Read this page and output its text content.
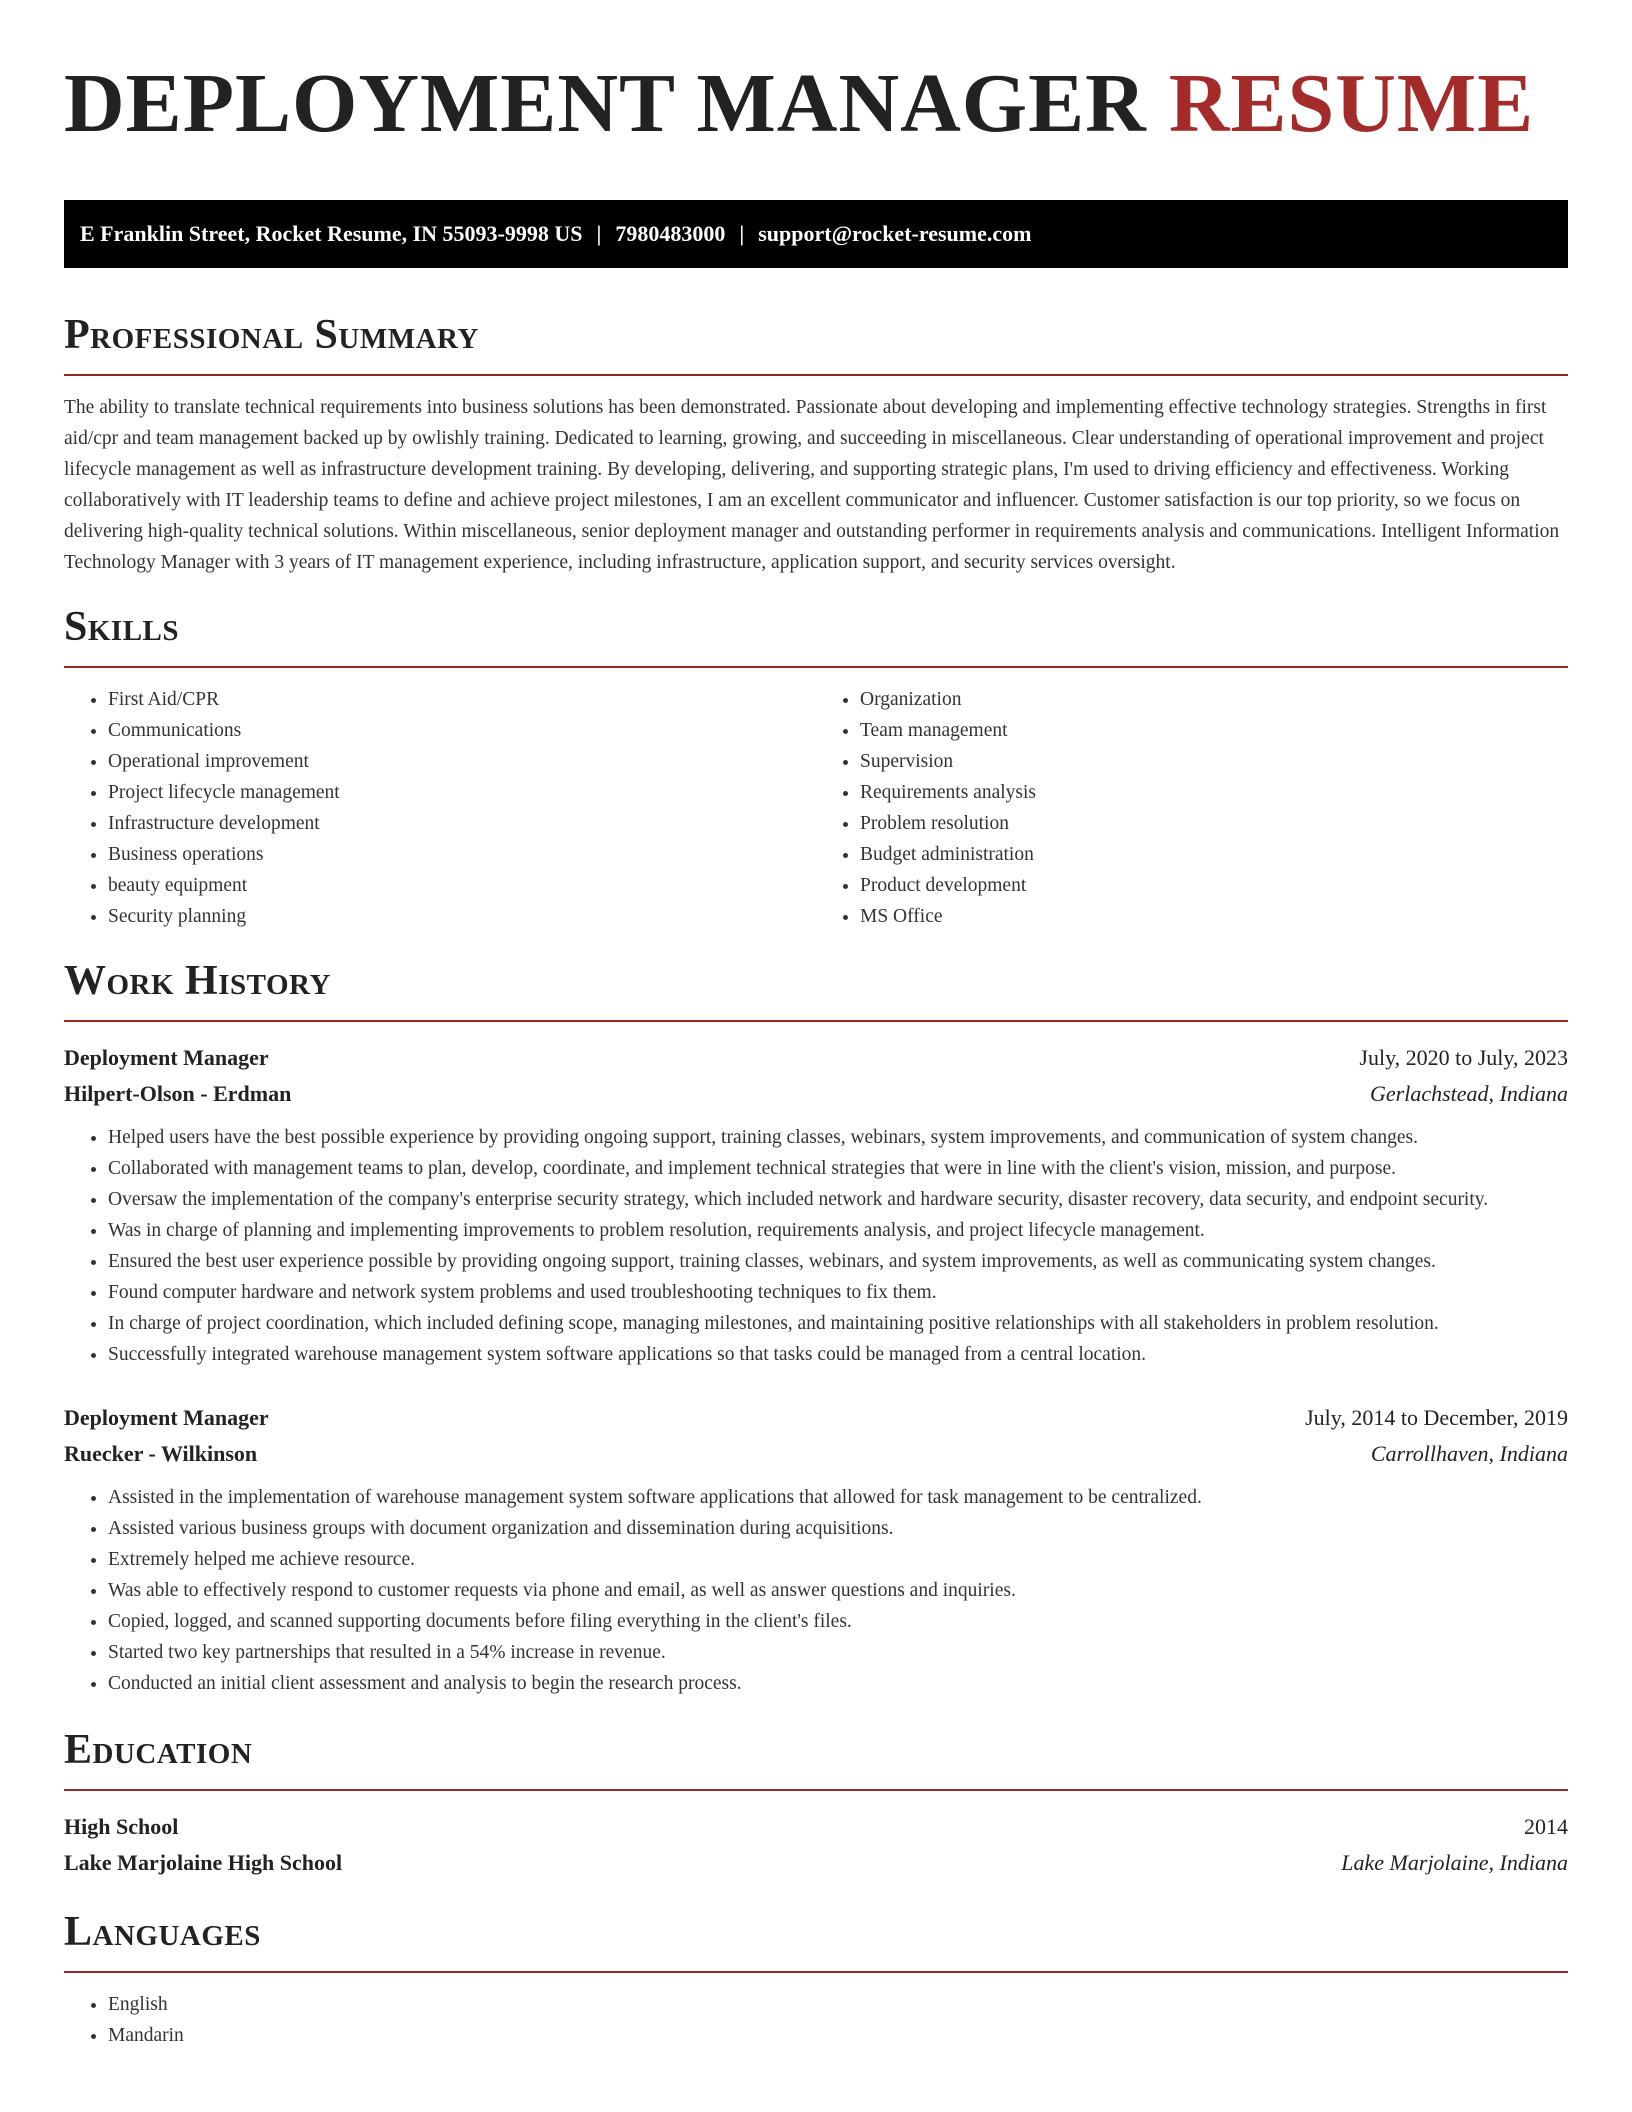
DEPLOYMENT MANAGER RESUME
E Franklin Street, Rocket Resume, IN 55093-9998 US | 7980483000 | support@rocket-resume.com
Professional Summary

The ability to translate technical requirements into business solutions has been demonstrated. Passionate about developing and implementing effective technology strategies. Strengths in first aid/cpr and team management backed up by owlishly training. Dedicated to learning, growing, and succeeding in miscellaneous. Clear understanding of operational improvement and project lifecycle management as well as infrastructure development training. By developing, delivering, and supporting strategic plans, I'm used to driving efficiency and effectiveness. Working collaboratively with IT leadership teams to define and achieve project milestones, I am an excellent communicator and influencer. Customer satisfaction is our top priority, so we focus on delivering high-quality technical solutions. Within miscellaneous, senior deployment manager and outstanding performer in requirements analysis and communications. Intelligent Information Technology Manager with 3 years of IT management experience, including infrastructure, application support, and security services oversight.

Skills
• First Aid/CPR
• Communications
• Operational improvement
• Project lifecycle management
• Infrastructure development
• Business operations
• beauty equipment
• Security planning
• Organization
• Team management
• Supervision
• Requirements analysis
• Problem resolution
• Budget administration
• Product development
• MS Office
Work History
Deployment Manager	July, 2020 to July, 2023
Hilpert-Olson - Erdman	Gerlachstead, Indiana
• Helped users have the best possible experience by providing ongoing support, training classes, webinars, system improvements, and communication of system changes.
• Collaborated with management teams to plan, develop, coordinate, and implement technical strategies that were in line with the client's vision, mission, and purpose.
• Oversaw the implementation of the company's enterprise security strategy, which included network and hardware security, disaster recovery, data security, and endpoint security.
• Was in charge of planning and implementing improvements to problem resolution, requirements analysis, and project lifecycle management.
• Ensured the best user experience possible by providing ongoing support, training classes, webinars, and system improvements, as well as communicating system changes.
• Found computer hardware and network system problems and used troubleshooting techniques to fix them.
• In charge of project coordination, which included defining scope, managing milestones, and maintaining positive relationships with all stakeholders in problem resolution.
• Successfully integrated warehouse management system software applications so that tasks could be managed from a central location.
Deployment Manager	July, 2014 to December, 2019
Ruecker - Wilkinson	Carrollhaven, Indiana
• Assisted in the implementation of warehouse management system software applications that allowed for task management to be centralized.
• Assisted various business groups with document organization and dissemination during acquisitions.
• Extremely helped me achieve resource.
• Was able to effectively respond to customer requests via phone and email, as well as answer questions and inquiries.
• Copied, logged, and scanned supporting documents before filing everything in the client's files.
• Started two key partnerships that resulted in a 54% increase in revenue.
• Conducted an initial client assessment and analysis to begin the research process.
Education
High School	2014
Lake Marjolaine High School	Lake Marjolaine, Indiana
Languages
• English
• Mandarin
